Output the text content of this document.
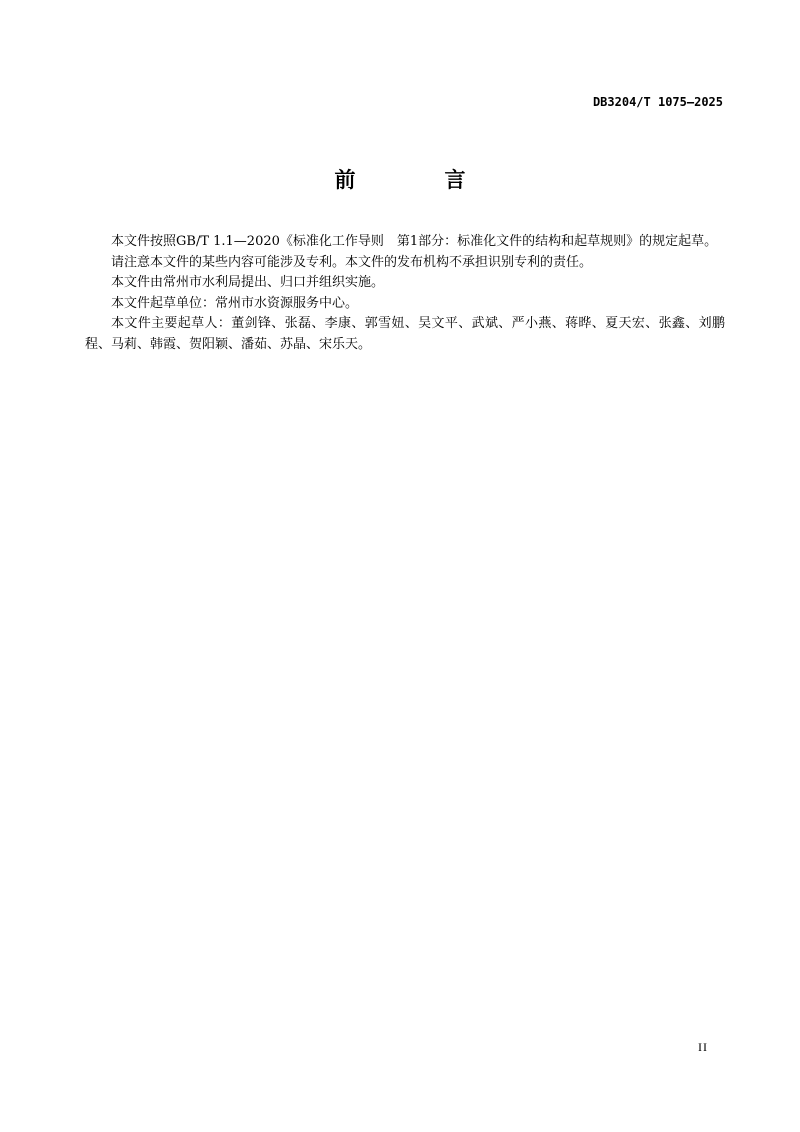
DB3204/T 1075—2025
前　言

本文件按照GB/T 1.1—2020《标准化工作导则　第1部分：标准化文件的结构和起草规则》的规定起草。

请注意本文件的某些内容可能涉及专利。本文件的发布机构不承担识别专利的责任。

本文件由常州市水利局提出、归口并组织实施。

本文件起草单位：常州市水资源服务中心。

本文件主要起草人：董剑锋、张磊、李康、郭雪妞、吴文平、武斌、严小燕、蒋晔、夏天宏、张鑫、刘鹏程、马莉、韩霞、贺阳颖、潘茹、苏晶、宋乐天。

II
